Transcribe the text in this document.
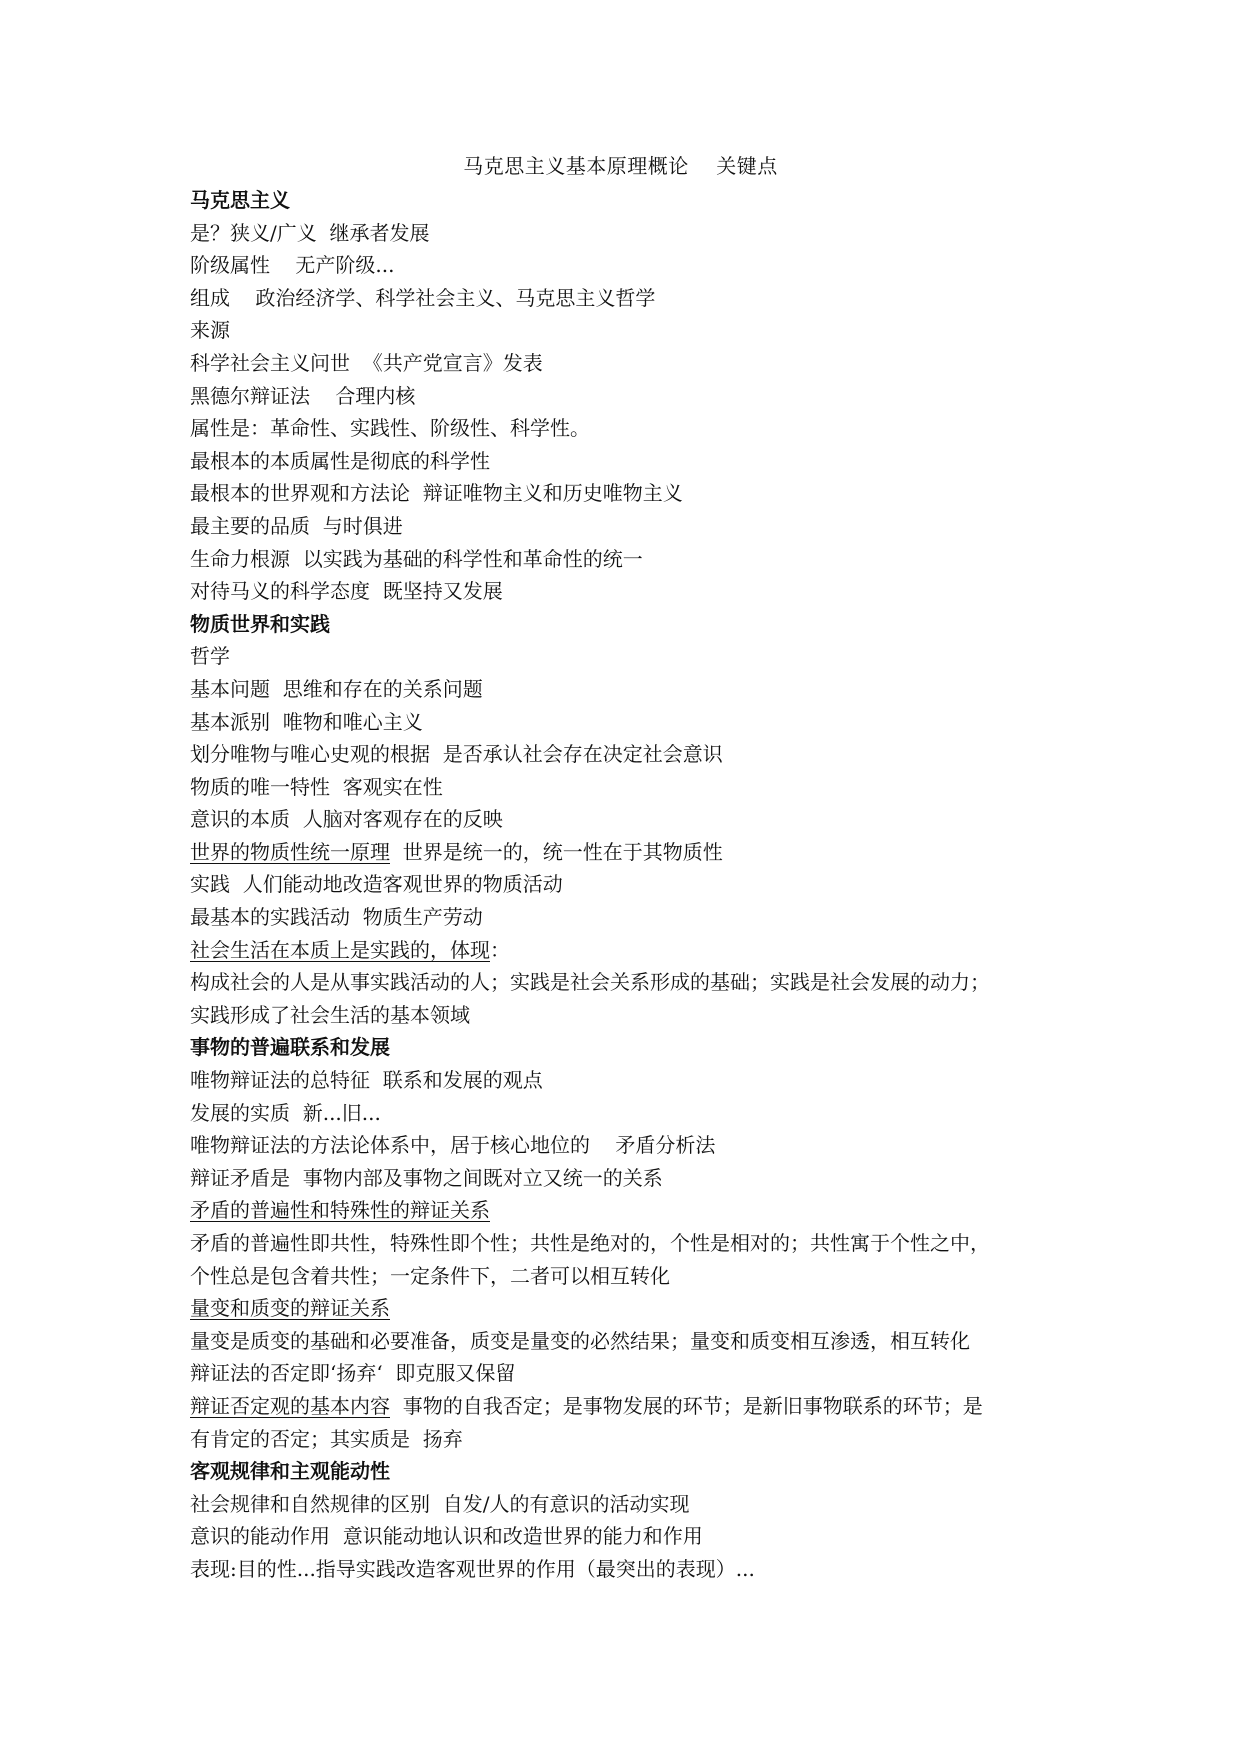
马克思主义基本原理概论    关键点
马克思主义
是？狭义/广义  继承者发展
阶级属性    无产阶级...
组成    政治经济学、科学社会主义、马克思主义哲学
来源
科学社会主义问世  《共产党宣言》发表
黑德尔辩证法    合理内核
属性是：革命性、实践性、阶级性、科学性。
最根本的本质属性是彻底的科学性
最根本的世界观和方法论  辩证唯物主义和历史唯物主义
最主要的品质  与时俱进
生命力根源  以实践为基础的科学性和革命性的统一
对待马义的科学态度  既坚持又发展
物质世界和实践
哲学
基本问题  思维和存在的关系问题
基本派别  唯物和唯心主义
划分唯物与唯心史观的根据  是否承认社会存在决定社会意识
物质的唯一特性  客观实在性
意识的本质  人脑对客观存在的反映
世界的物质性统一原理  世界是统一的，统一性在于其物质性
实践  人们能动地改造客观世界的物质活动
最基本的实践活动  物质生产劳动
社会生活在本质上是实践的，体现：
构成社会的人是从事实践活动的人；实践是社会关系形成的基础；实践是社会发展的动力；
实践形成了社会生活的基本领域
事物的普遍联系和发展
唯物辩证法的总特征  联系和发展的观点
发展的实质  新...旧...
唯物辩证法的方法论体系中，居于核心地位的    矛盾分析法
辩证矛盾是  事物内部及事物之间既对立又统一的关系
矛盾的普遍性和特殊性的辩证关系
矛盾的普遍性即共性，特殊性即个性；共性是绝对的，个性是相对的；共性寓于个性之中，
个性总是包含着共性；一定条件下，二者可以相互转化
量变和质变的辩证关系
量变是质变的基础和必要准备，质变是量变的必然结果；量变和质变相互渗透，相互转化
辩证法的否定即‘扬弃‘  即克服又保留
辩证否定观的基本内容  事物的自我否定；是事物发展的环节；是新旧事物联系的环节；是
有肯定的否定；其实质是  扬弃
客观规律和主观能动性
社会规律和自然规律的区别  自发/人的有意识的活动实现
意识的能动作用  意识能动地认识和改造世界的能力和作用
表现:目的性...指导实践改造客观世界的作用（最突出的表现）...
